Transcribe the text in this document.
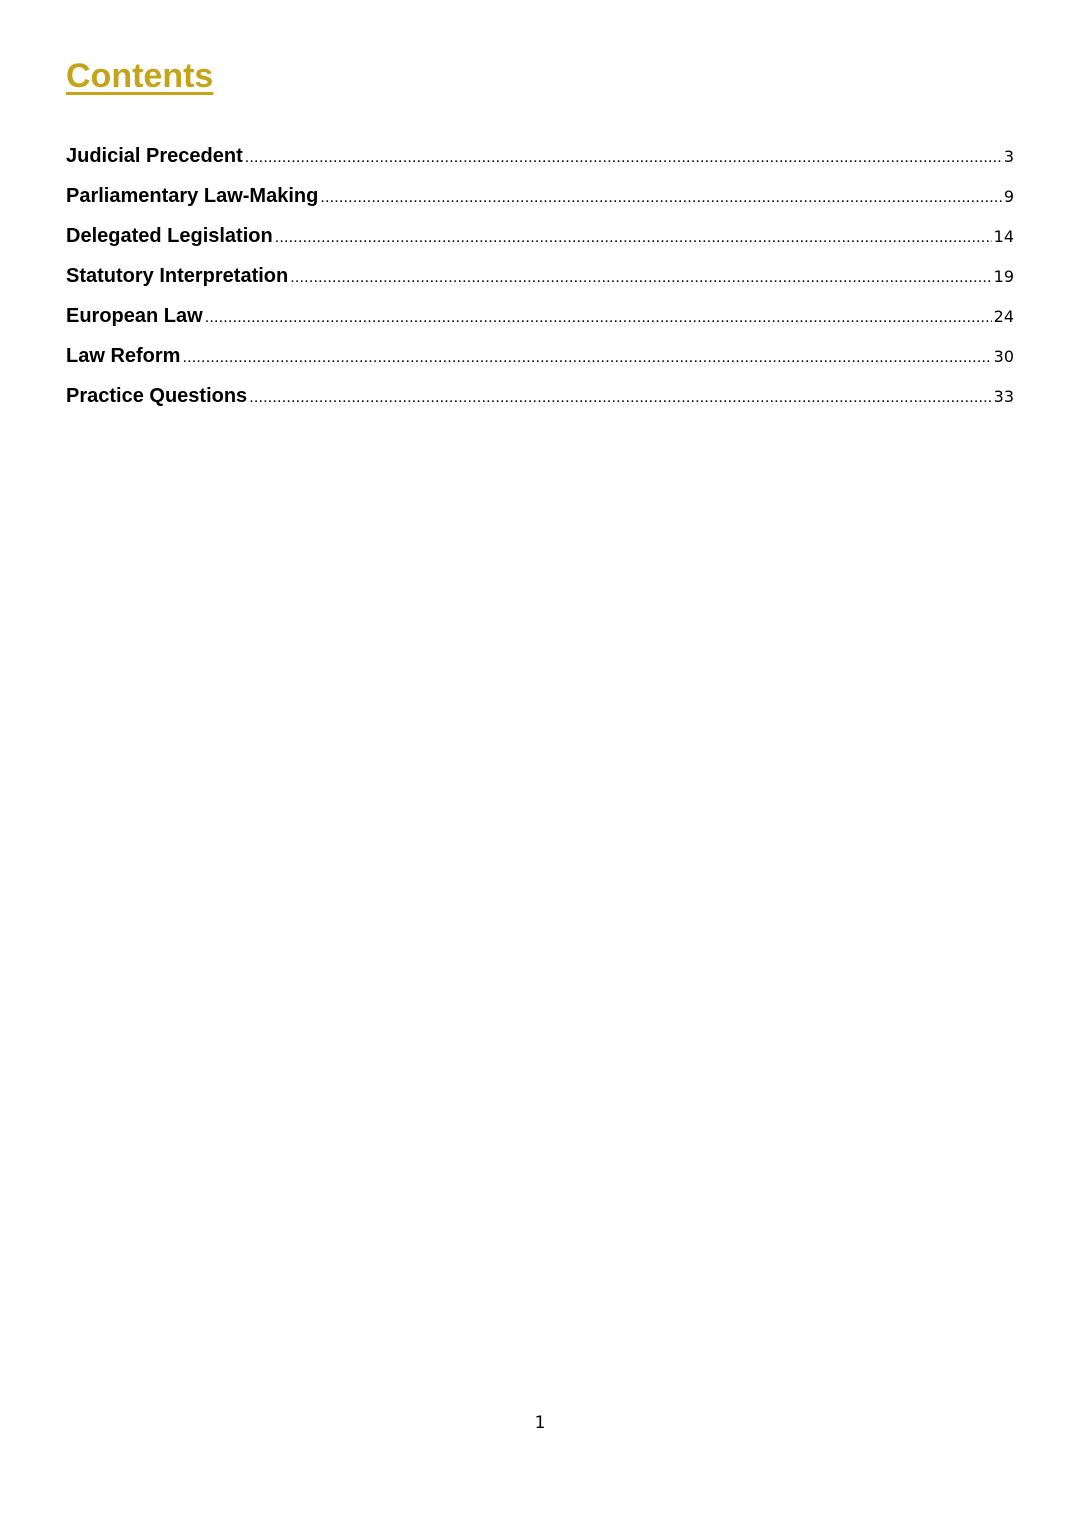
Contents
Judicial Precedent .....	3
Parliamentary Law-Making .....	9
Delegated Legislation .....	14
Statutory Interpretation .....	19
European Law .....	24
Law Reform .....	30
Practice Questions .....	33
1
